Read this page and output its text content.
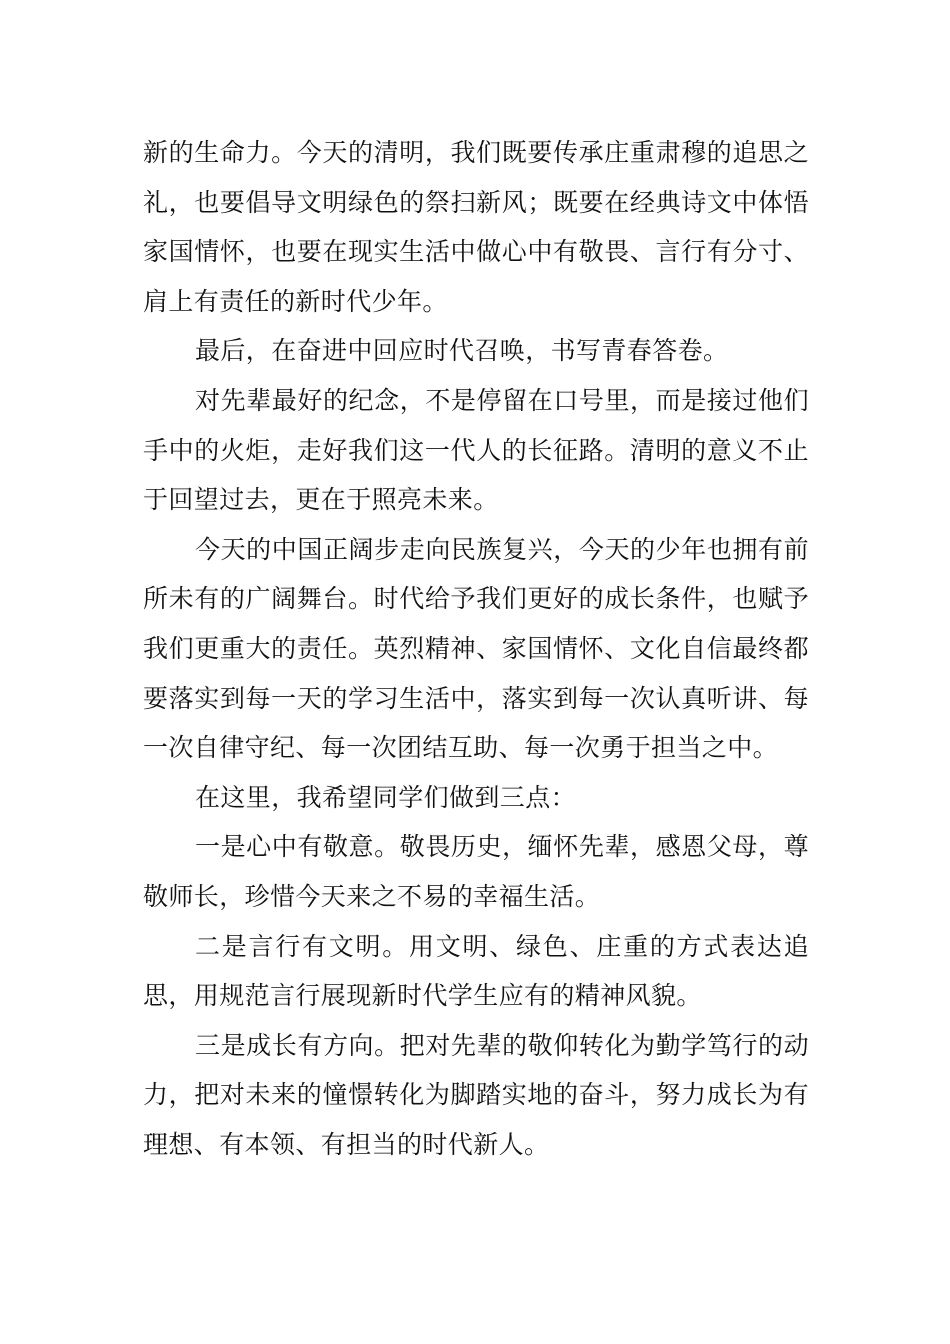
新的生命力。今天的清明，我们既要传承庄重肃穆的追思之礼，也要倡导文明绿色的祭扫新风；既要在经典诗文中体悟家国情怀，也要在现实生活中做心中有敬畏、言行有分寸、肩上有责任的新时代少年。

最后，在奋进中回应时代召唤，书写青春答卷。

对先辈最好的纪念，不是停留在口号里，而是接过他们手中的火炬，走好我们这一代人的长征路。清明的意义不止于回望过去，更在于照亮未来。

今天的中国正阔步走向民族复兴，今天的少年也拥有前所未有的广阔舞台。时代给予我们更好的成长条件，也赋予我们更重大的责任。英烈精神、家国情怀、文化自信最终都要落实到每一天的学习生活中，落实到每一次认真听讲、每一次自律守纪、每一次团结互助、每一次勇于担当之中。

在这里，我希望同学们做到三点：

一是心中有敬意。敬畏历史，缅怀先辈，感恩父母，尊敬师长，珍惜今天来之不易的幸福生活。

二是言行有文明。用文明、绿色、庄重的方式表达追思，用规范言行展现新时代学生应有的精神风貌。

三是成长有方向。把对先辈的敬仰转化为勤学笃行的动力，把对未来的憧憬转化为脚踏实地的奋斗，努力成长为有理想、有本领、有担当的时代新人。
